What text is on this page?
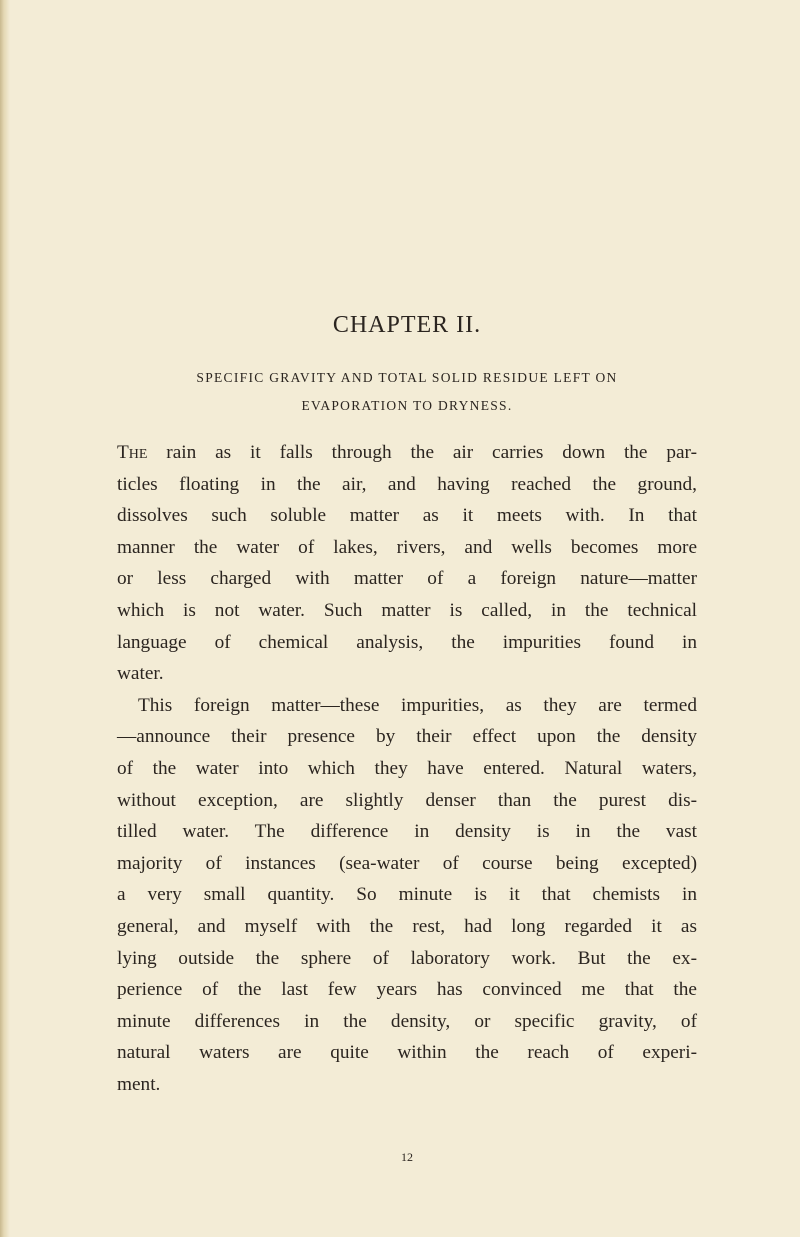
CHAPTER II.
SPECIFIC GRAVITY AND TOTAL SOLID RESIDUE LEFT ON
EVAPORATION TO DRYNESS.
The rain as it falls through the air carries down the par-
ticles floating in the air, and having reached the ground,
dissolves such soluble matter as it meets with. In that
manner the water of lakes, rivers, and wells becomes more
or less charged with matter of a foreign nature—matter
which is not water. Such matter is called, in the technical
language of chemical analysis, the impurities found in
water.
This foreign matter—these impurities, as they are termed
—announce their presence by their effect upon the density
of the water into which they have entered. Natural waters,
without exception, are slightly denser than the purest dis-
tilled water. The difference in density is in the vast
majority of instances (sea-water of course being excepted)
a very small quantity. So minute is it that chemists in
general, and myself with the rest, had long regarded it as
lying outside the sphere of laboratory work. But the ex-
perience of the last few years has convinced me that the
minute differences in the density, or specific gravity, of
natural waters are quite within the reach of experi-
ment.
12
